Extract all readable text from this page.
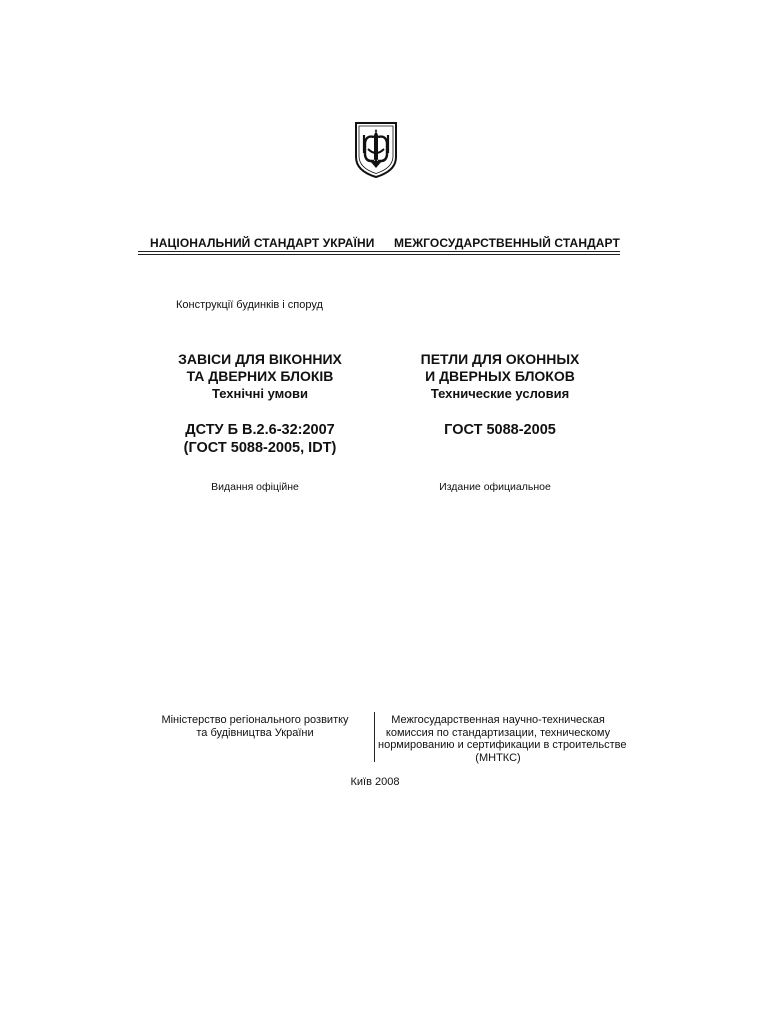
НАЦІОНАЛЬНИЙ СТАНДАРТ УКРАЇНИ МЕЖГОСУДАРСТВЕННЫЙ СТАНДАРТ
Конструкції будинків і споруд
ЗАВІСИ ДЛЯ ВІКОННИХ
ТА ДВЕРНИХ БЛОКІВ
Технічні умови
ПЕТЛИ ДЛЯ ОКОННЫХ
И ДВЕРНЫХ БЛОКОВ
Технические условия
ДСТУ Б В.2.6-32:2007
(ГОСТ 5088-2005, IDT)
ГОСТ 5088-2005
Видання офіційне	Издание официальное
Міністерство регіонального розвитку
та будівництва України
Межгосударственная научно-техническая
комиссия по стандартизации, техническому
нормированию и сертификации в строительстве
(МНТКС)
Київ 2008
